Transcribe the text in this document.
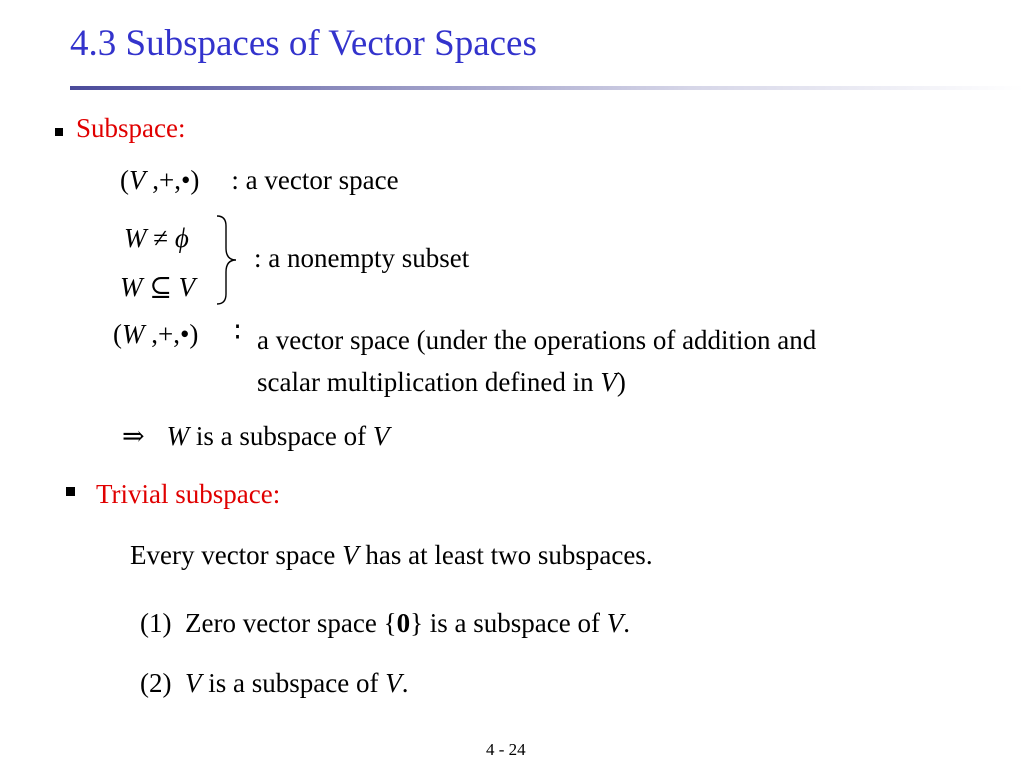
4.3 Subspaces of Vector Spaces
Subspace:
(V ,+,•) : a vector space
W ≠ ϕ
W ⊆ V
: a nonempty subset
(W ,+,•) ∶ a vector space (under the operations of addition and
scalar multiplication defined in V)
⇒ W is a subspace of V
Trivial subspace:
Every vector space V has at least two subspaces.
(1) Zero vector space {0} is a subspace of V.
(2) V is a subspace of V.
4 - 24
